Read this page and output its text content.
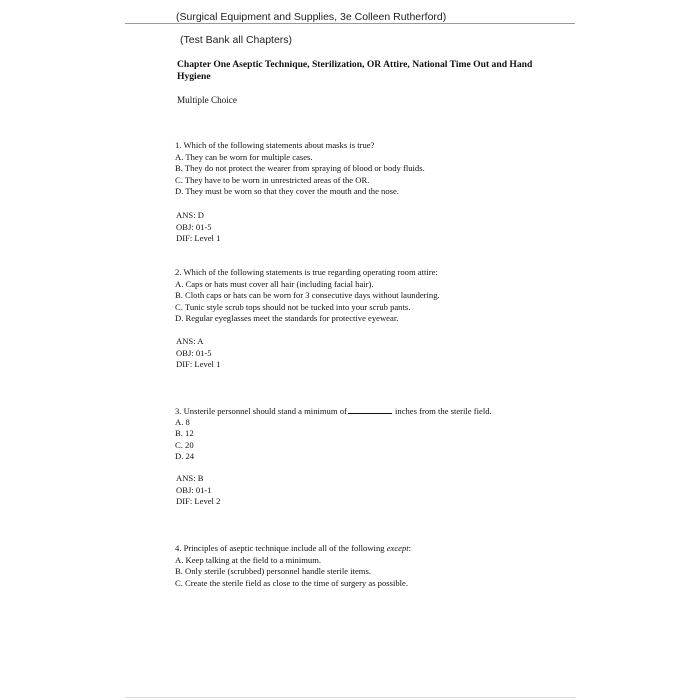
(Surgical Equipment and Supplies, 3e Colleen Rutherford)
(Test Bank all Chapters)
Chapter One Aseptic Technique, Sterilization, OR Attire, National Time Out and Hand Hygiene
Multiple Choice
1. Which of the following statements about masks is true?
A. They can be worn for multiple cases.
B. They do not protect the wearer from spraying of blood or body fluids.
C. They have to be worn in unrestricted areas of the OR.
D. They must be worn so that they cover the mouth and the nose.
ANS: D
OBJ: 01-5
DIF: Level 1
2. Which of the following statements is true regarding operating room attire:
A. Caps or hats must cover all hair (including facial hair).
B. Cloth caps or hats can be worn for 3 consecutive days without laundering.
C. Tunic style scrub tops should not be tucked into your scrub pants.
D. Regular eyeglasses meet the standards for protective eyewear.
ANS: A
OBJ: 01-5
DIF: Level 1
3. Unsterile personnel should stand a minimum of	inches from the sterile field.
A. 8
B. 12
C. 20
D. 24
ANS: B
OBJ: 01-1
DIF: Level 2
4. Principles of aseptic technique include all of the following except:
A. Keep talking at the field to a minimum.
B. Only sterile (scrubbed) personnel handle sterile items.
C. Create the sterile field as close to the time of surgery as possible.
